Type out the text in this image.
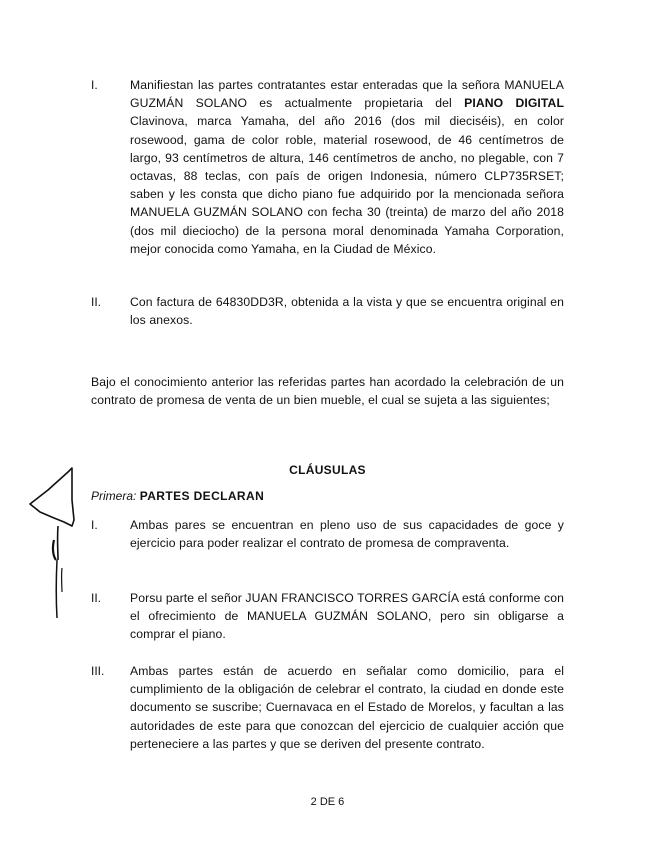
I.	Manifiestan las partes contratantes estar enteradas que la señora MANUELA GUZMÁN SOLANO es actualmente propietaria del PIANO DIGITAL Clavinova, marca Yamaha, del año 2016 (dos mil dieciséis), en color rosewood, gama de color roble, material rosewood, de 46 centímetros de largo, 93 centímetros de altura, 146 centímetros de ancho, no plegable, con 7 octavas, 88 teclas, con país de origen Indonesia, número CLP735RSET; saben y les consta que dicho piano fue adquirido por la mencionada señora MANUELA GUZMÁN SOLANO con fecha 30 (treinta) de marzo del año 2018 (dos mil dieciocho) de la persona moral denominada Yamaha Corporation, mejor conocida como Yamaha, en la Ciudad de México.
II. Con factura de 64830DD3R, obtenida a la vista y que se encuentra original en los anexos.
Bajo el conocimiento anterior las referidas partes han acordado la celebración de un contrato de promesa de venta de un bien mueble, el cual se sujeta a las siguientes;
CLÁUSULAS
Primera: PARTES DECLARAN
I.	Ambas pares se encuentran en pleno uso de sus capacidades de goce y ejercicio para poder realizar el contrato de promesa de compraventa.
II. Porsu parte el señor JUAN FRANCISCO TORRES GARCÍA está conforme con el ofrecimiento de MANUELA GUZMÁN SOLANO, pero sin obligarse a comprar el piano.
III. Ambas partes están de acuerdo en señalar como domicilio, para el cumplimiento de la obligación de celebrar el contrato, la ciudad en donde este documento se suscribe; Cuernavaca en el Estado de Morelos, y facultan a las autoridades de este para que conozcan del ejercicio de cualquier acción que perteneciere a las partes y que se deriven del presente contrato.
2 DE 6
